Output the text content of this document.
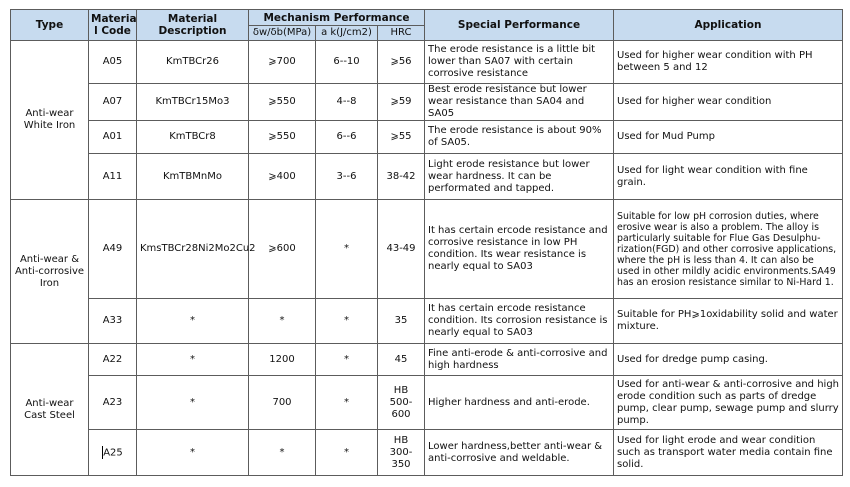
Type	Materia l Code	Material Description	Mechanism Performance			Special Performance	Application
			δw/δb(MPa)	a k(J/cm2)	HRC		
Anti-wear White Iron	A05	KmTBCr26	⩾700	6--10	⩾56	The erode resistance is a little bit lower than SA07 with certain corrosive resistance	Used for higher wear condition with PH between 5 and 12
	A07	KmTBCr15Mo3	⩾550	4--8	⩾59	Best erode resistance but lower wear resistance than SA04 and SA05	Used for higher wear condition
	A01	KmTBCr8	⩾550	6--6	⩾55	The erode resistance is about 90% of SA05.	Used for Mud Pump
	A11	KmTBMnMo	⩾400	3--6	38-42	Light erode resistance but lower wear hardness. It can be performated and tapped.	Used for light wear condition with fine grain.
Anti-wear & Anti-corrosive Iron	A49	KmsTBCr28Ni2Mo2Cu2	⩾600	*	43-49	It has certain ercode resistance and corrosive resistance in low PH condition. Its wear resistance is nearly equal to SA03	Suitable for low pH corrosion duties, where erosive wear is also a problem. The alloy is particularly suitable for Flue Gas Desulphu-rization(FGD) and other corrosive applications, where the pH is less than 4. It can also be used in other mildly acidic environments.SA49 has an erosion resistance similar to Ni-Hard 1.
	A33	*	*	*	35	It has certain ercode resistance condition. Its corrosion resistance is nearly equal to SA03	Suitable for PH⩾1oxidability solid and water mixture.
Anti-wear Cast Steel	A22	*	1200	*	45	Fine anti-erode & anti-corrosive and high hardness	Used for dredge pump casing.
	A23	*	700	*	HB 500-600	Higher hardness and anti-erode.	Used for anti-wear & anti-corrosive and high erode condition such as parts of dredge pump, clear pump, sewage pump and slurry pump.
	A25	*	*	*	HB 300-350	Lower hardness,better anti-wear & anti-corrosive and weldable.	Used for light erode and wear condition such as transport water media contain fine solid.
